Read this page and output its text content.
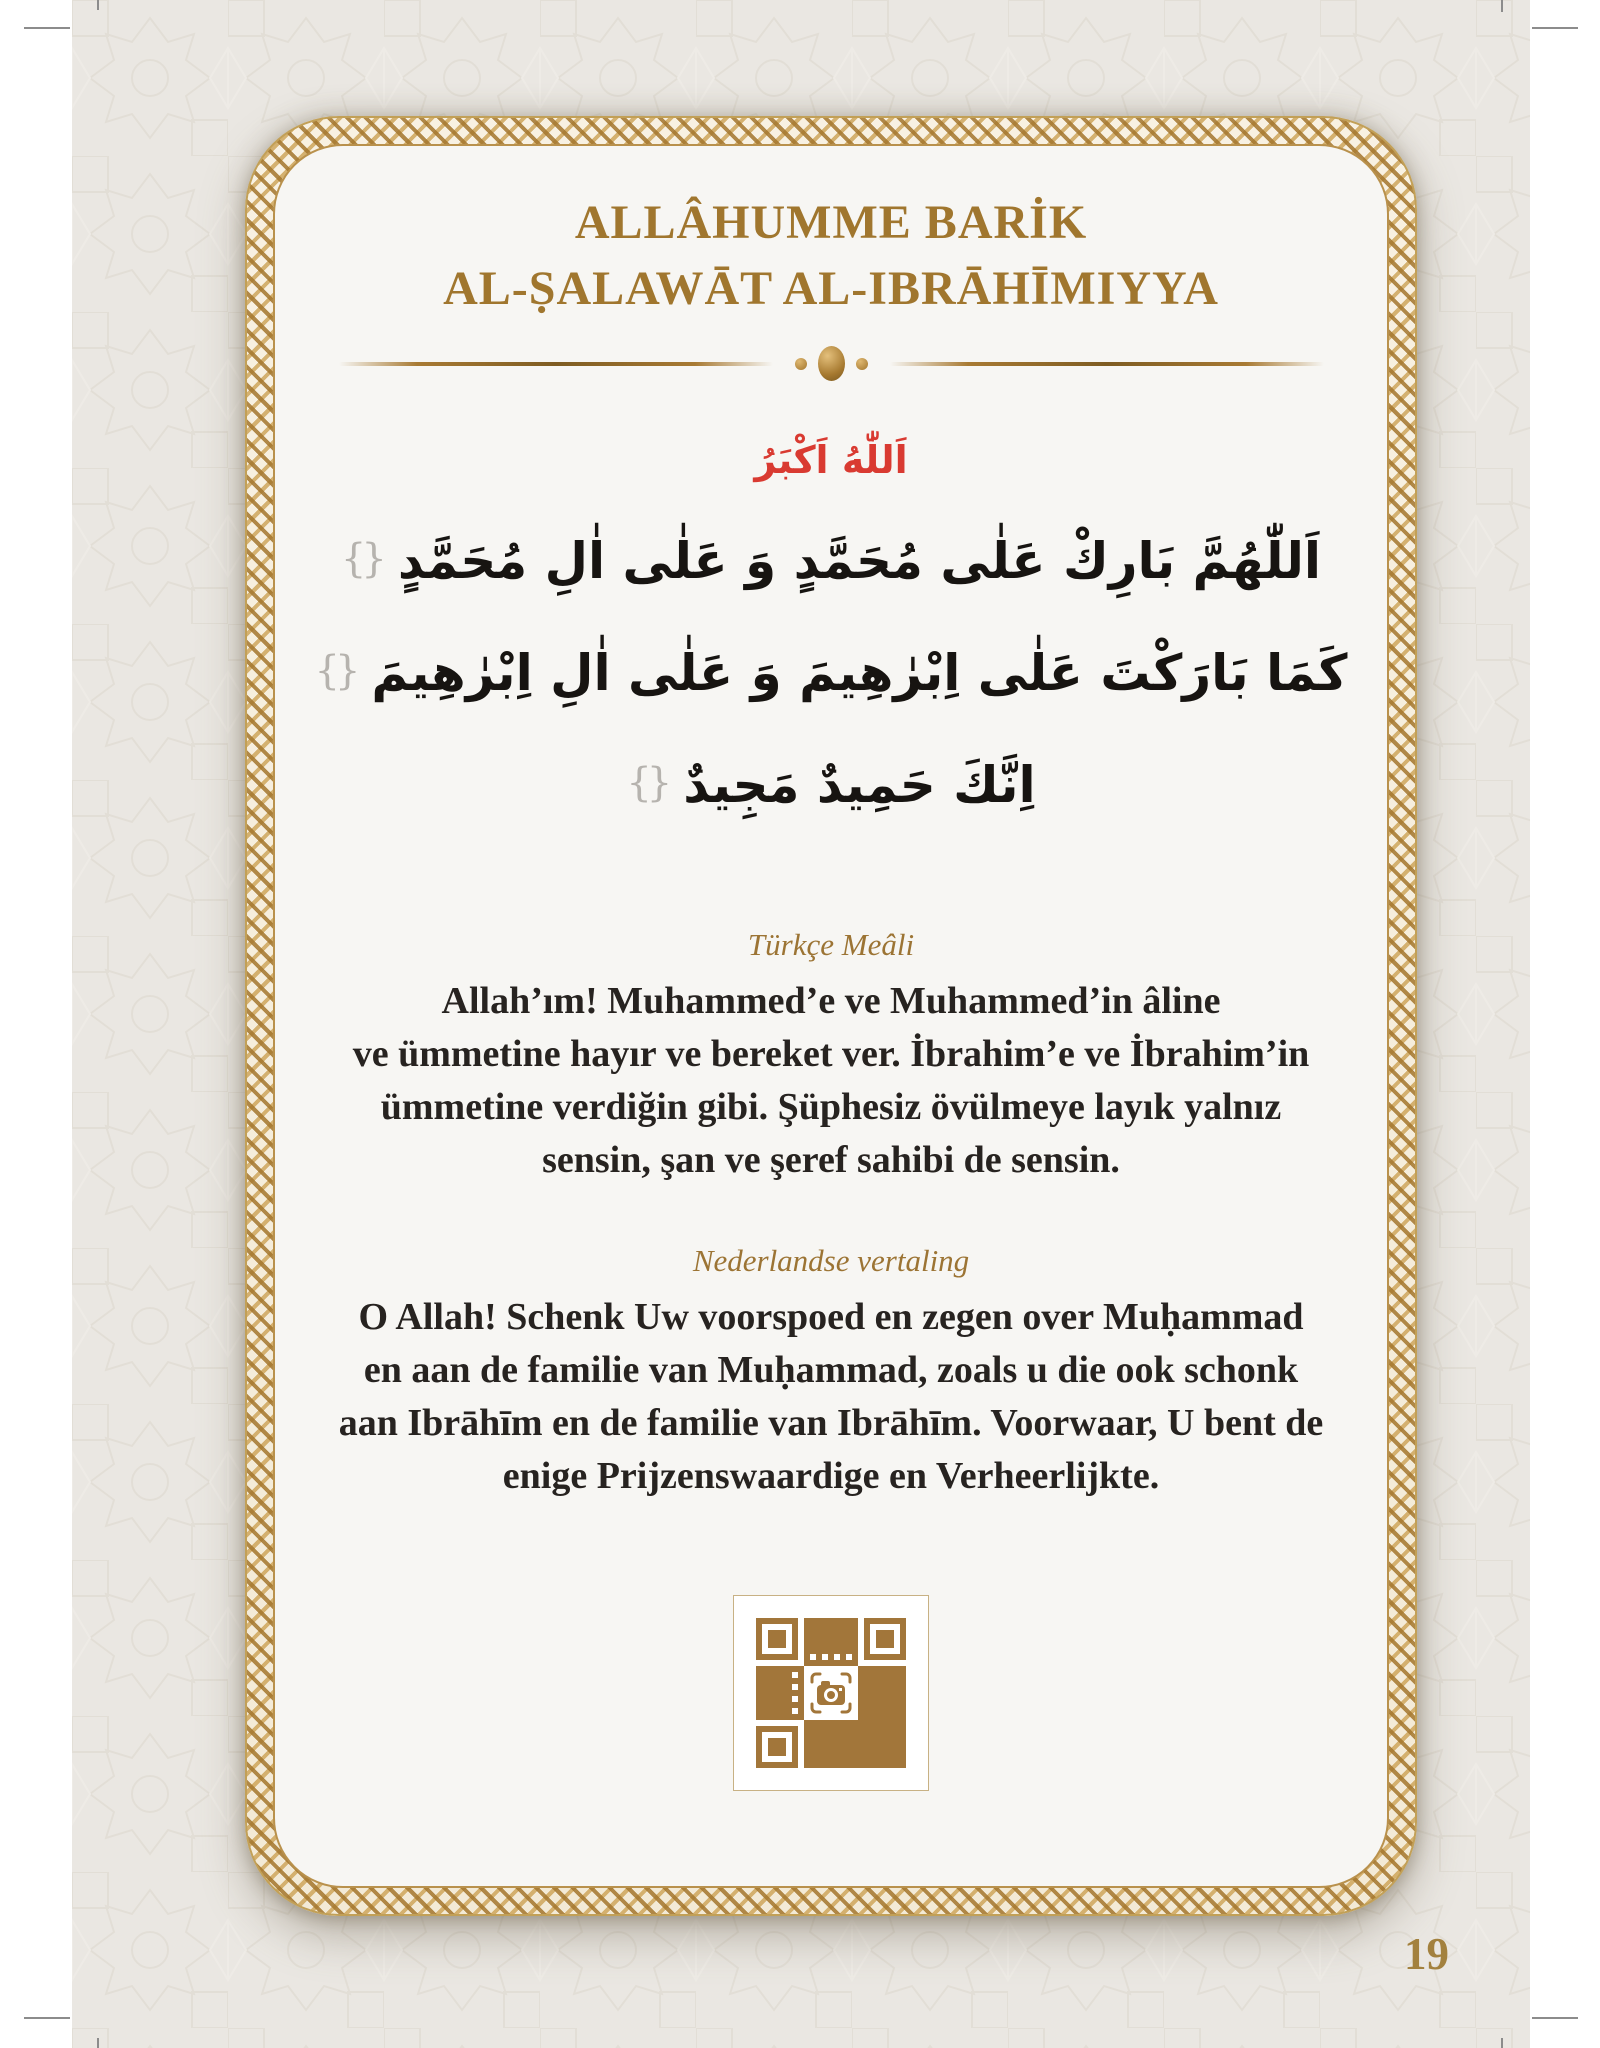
ALLÂHUMME BARİK
AL-ṢALAWĀT AL-IBRĀHĪMIYYA
اَللّٰهُ اَكْبَرُ
{} اَللّٰهُمَّ بَارِكْ عَلٰى مُحَمَّدٍ وَ عَلٰى اٰلِ مُحَمَّدٍ
{} كَمَا بَارَكْتَ عَلٰى اِبْرٰهِيمَ وَ عَلٰى اٰلِ اِبْرٰهِيمَ
{} اِنَّكَ حَمِيدٌ مَجِيدٌ
Türkçe Meâli
Allah’ım! Muhammed’e ve Muhammed’in âline
ve ümmetine hayır ve bereket ver. İbrahim’e ve İbrahim’in
ümmetine verdiğin gibi. Şüphesiz övülmeye layık yalnız
sensin, şan ve şeref sahibi de sensin.
Nederlandse vertaling
O Allah! Schenk Uw voorspoed en zegen over Muḥammad
en aan de familie van Muḥammad, zoals u die ook schonk
aan Ibrāhīm en de familie van Ibrāhīm. Voorwaar, U bent de
enige Prijzenswaardige en Verheerlijkte.
19
